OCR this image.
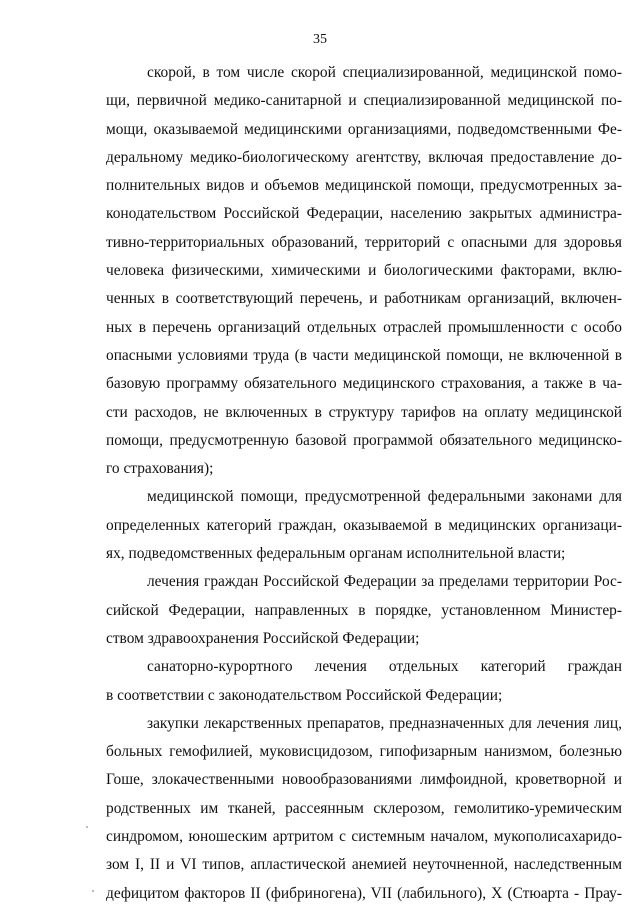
35
скорой, в том числе скорой специализированной, медицинской помо-
щи, первичной медико-санитарной и специализированной медицинской по-
мощи, оказываемой медицинскими организациями, подведомственными Фе-
деральному медико-биологическому агентству, включая предоставление до-
полнительных видов и объемов медицинской помощи, предусмотренных за-
конодательством Российской Федерации, населению закрытых администра-
тивно-территориальных образований, территорий с опасными для здоровья
человека физическими, химическими и биологическими факторами, вклю-
ченных в соответствующий перечень, и работникам организаций, включен-
ных в перечень организаций отдельных отраслей промышленности с особо
опасными условиями труда (в части медицинской помощи, не включенной в
базовую программу обязательного медицинского страхования, а также в ча-
сти расходов, не включенных в структуру тарифов на оплату медицинской
помощи, предусмотренную базовой программой обязательного медицинско-
го страхования);
медицинской помощи, предусмотренной федеральными законами для
определенных категорий граждан, оказываемой в медицинских организаци-
ях, подведомственных федеральным органам исполнительной власти;
лечения граждан Российской Федерации за пределами территории Рос-
сийской Федерации, направленных в порядке, установленном Министер-
ством здравоохранения Российской Федерации;
санаторно-курортного лечения отдельных категорий граждан
в соответствии с законодательством Российской Федерации;
закупки лекарственных препаратов, предназначенных для лечения лиц,
больных гемофилией, муковисцидозом, гипофизарным нанизмом, болезнью
Гоше, злокачественными новообразованиями лимфоидной, кроветворной и
родственных им тканей, рассеянным склерозом, гемолитико-уремическим
синдромом, юношеским артритом с системным началом, мукополисахаридо-
зом I, II и VI типов, апластической анемией неуточненной, наследственным
дефицитом факторов II (фибриногена), VII (лабильного), X (Стюарта - Прау-
